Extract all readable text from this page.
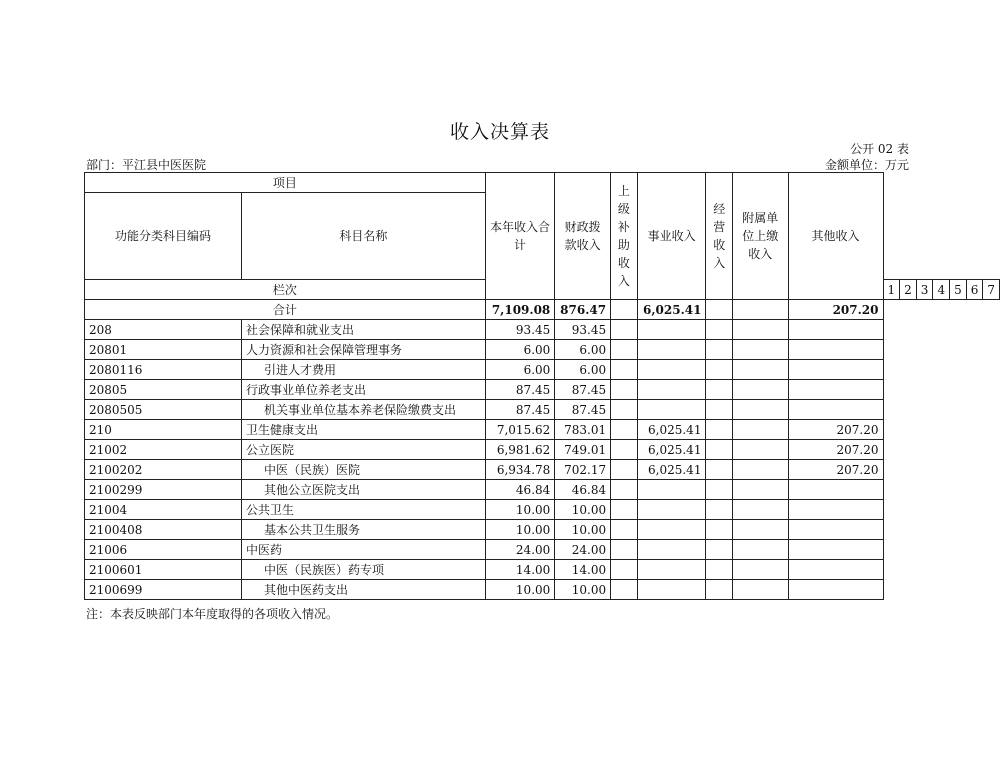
收入决算表
公开 02 表
部门：平江县中医医院	金额单位：万元
项目		本年收入合计	财政拨款收入	上级补助收入	事业收入	经营收入	附属单位上缴收入	其他收入							
功能分类科目编码	科目名称														
栏次									1	2	3	4	5	6	7
合计		7,109.08	876.47		6,025.41			207.20							
208	社会保障和就业支出	93.45	93.45												
20801	人力资源和社会保障管理事务	6.00	6.00												
2080116	引进人才费用	6.00	6.00												
20805	行政事业单位养老支出	87.45	87.45												
2080505	机关事业单位基本养老保险缴费支出	87.45	87.45												
210	卫生健康支出	7,015.62	783.01		6,025.41			207.20							
21002	公立医院	6,981.62	749.01		6,025.41			207.20							
2100202	中医（民族）医院	6,934.78	702.17		6,025.41			207.20							
2100299	其他公立医院支出	46.84	46.84												
21004	公共卫生	10.00	10.00												
2100408	基本公共卫生服务	10.00	10.00												
21006	中医药	24.00	24.00												
2100601	中医（民族医）药专项	14.00	14.00												
2100699	其他中医药支出	10.00	10.00												
注：本表反映部门本年度取得的各项收入情况。
